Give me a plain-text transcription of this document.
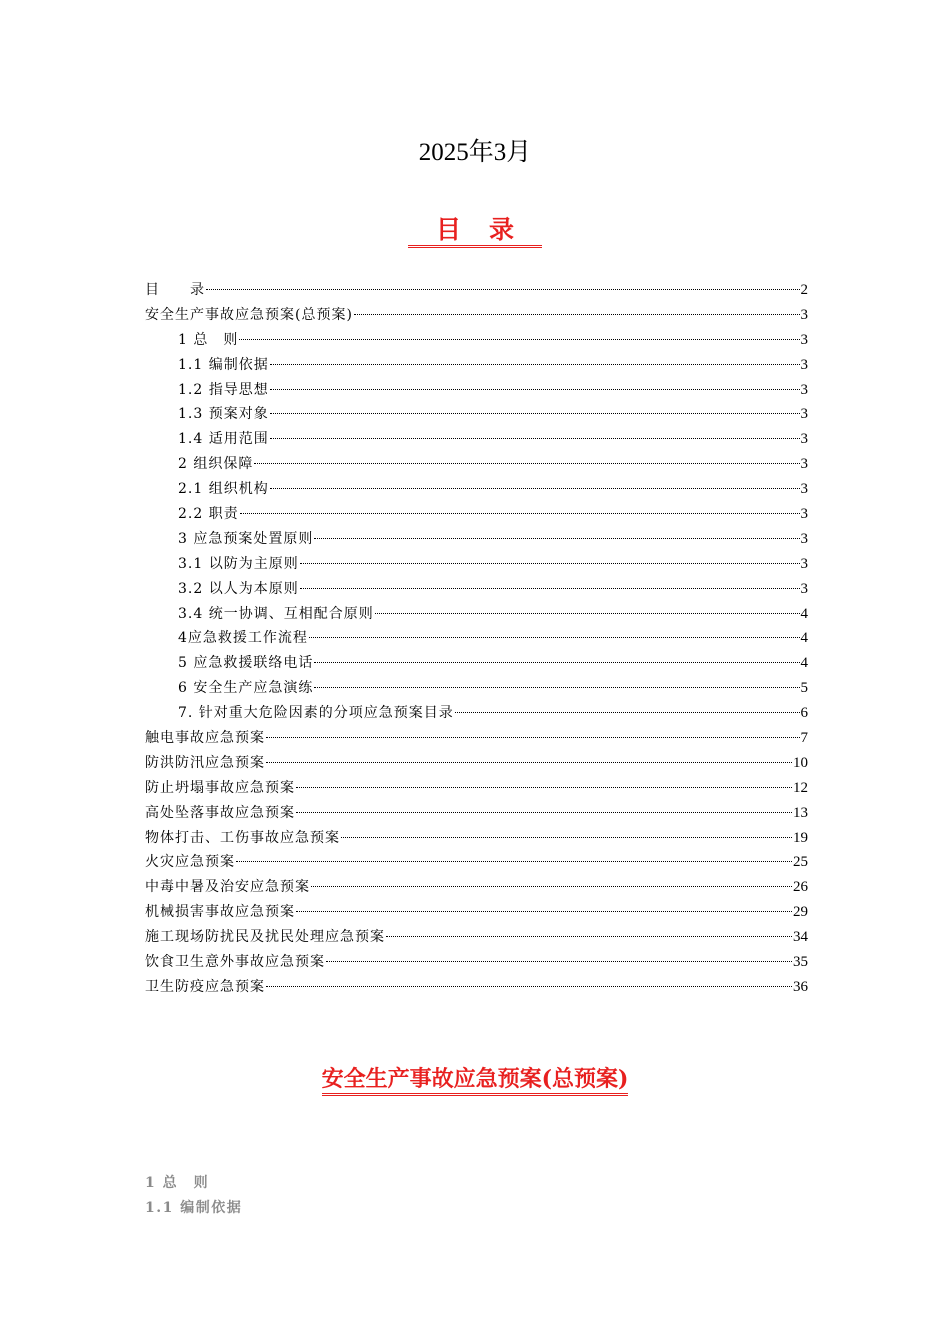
2025年3月
目录
目　　录	2
安全生产事故应急预案(总预案)	3
1 总　则	3
1.1 编制依据	3
1.2 指导思想	3
1.3 预案对象	3
1.4 适用范围	3
2 组织保障	3
2.1 组织机构	3
2.2 职责	3
3 应急预案处置原则	3
3.1 以防为主原则	3
3.2 以人为本原则	3
3.4 统一协调、互相配合原则	4
4应急救援工作流程	4
5 应急救援联络电话	4
6 安全生产应急演练	5
7. 针对重大危险因素的分项应急预案目录	6
触电事故应急预案	7
防洪防汛应急预案	10
防止坍塌事故应急预案	12
高处坠落事故应急预案	13
物体打击、工伤事故应急预案	19
火灾应急预案	25
中毒中暑及治安应急预案	26
机械损害事故应急预案	29
施工现场防扰民及扰民处理应急预案	34
饮食卫生意外事故应急预案	35
卫生防疫应急预案	36
安全生产事故应急预案(总预案)
1 总　则
1.1 编制依据
